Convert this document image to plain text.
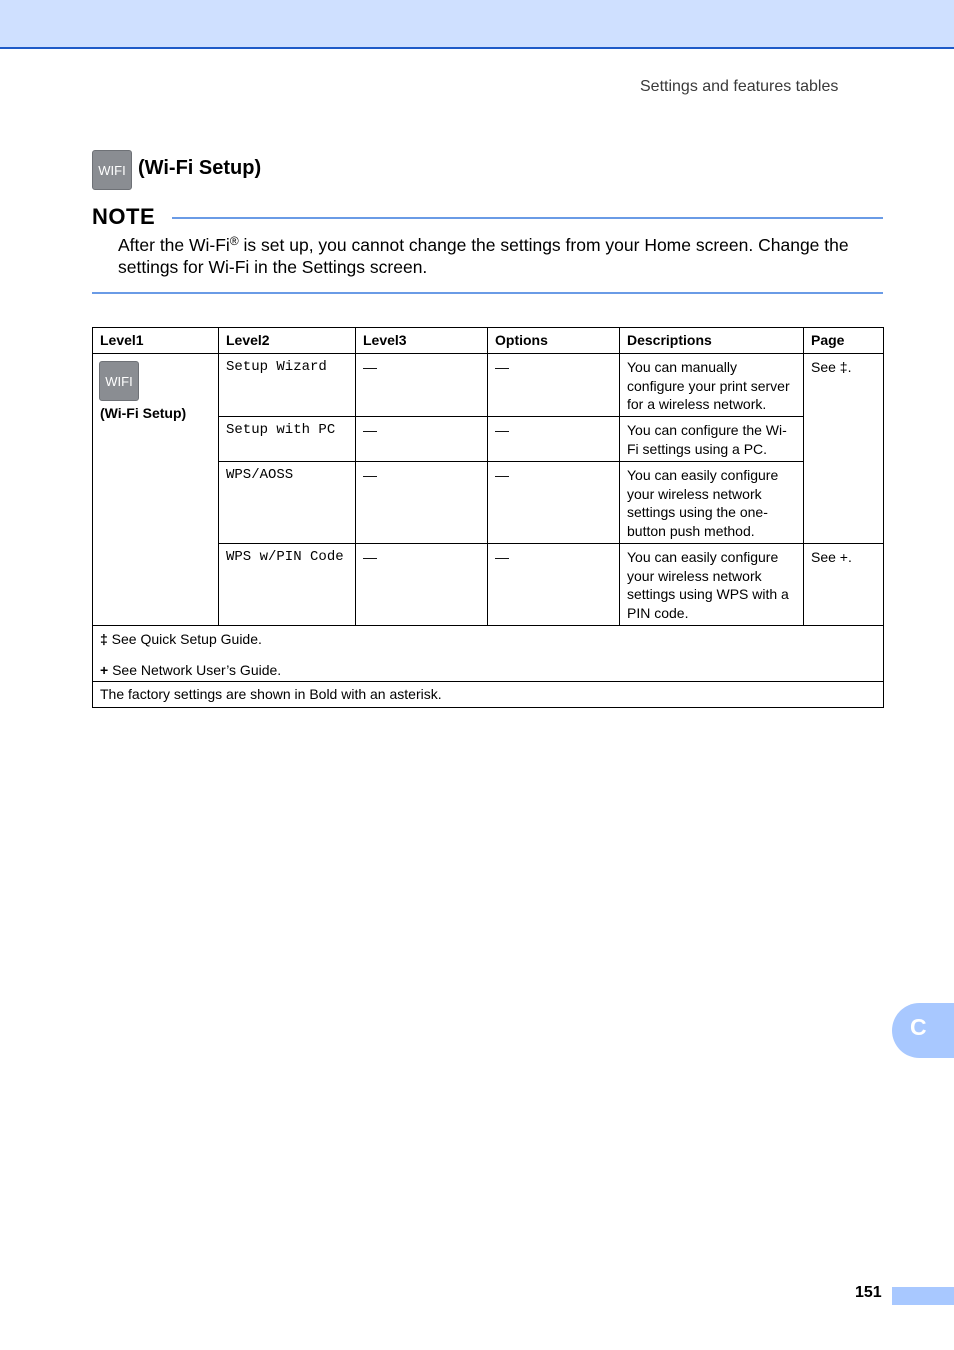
Settings and features tables
WIFI (Wi-Fi Setup)
NOTE
After the Wi-Fi® is set up, you cannot change the settings from your Home screen. Change the settings for Wi-Fi in the Settings screen.
Level1	Level2	Level3	Options	Descriptions	Page

(Wi-Fi Setup)	Setup Wizard	—	—	You can manually configure your print server for a wireless network.	See ‡.
	Setup with PC	—	—	You can configure the Wi-Fi settings using a PC.	
	WPS/AOSS	—	—	You can easily configure your wireless network settings using the one-button push method.	
	WPS w/PIN Code	—	—	You can easily configure your wireless network settings using WPS with a PIN code.	See +.

‡ See Quick Setup Guide.
+ See Network User’s Guide.					

The factory settings are shown in Bold with an asterisk.					
WIFI
C
151
